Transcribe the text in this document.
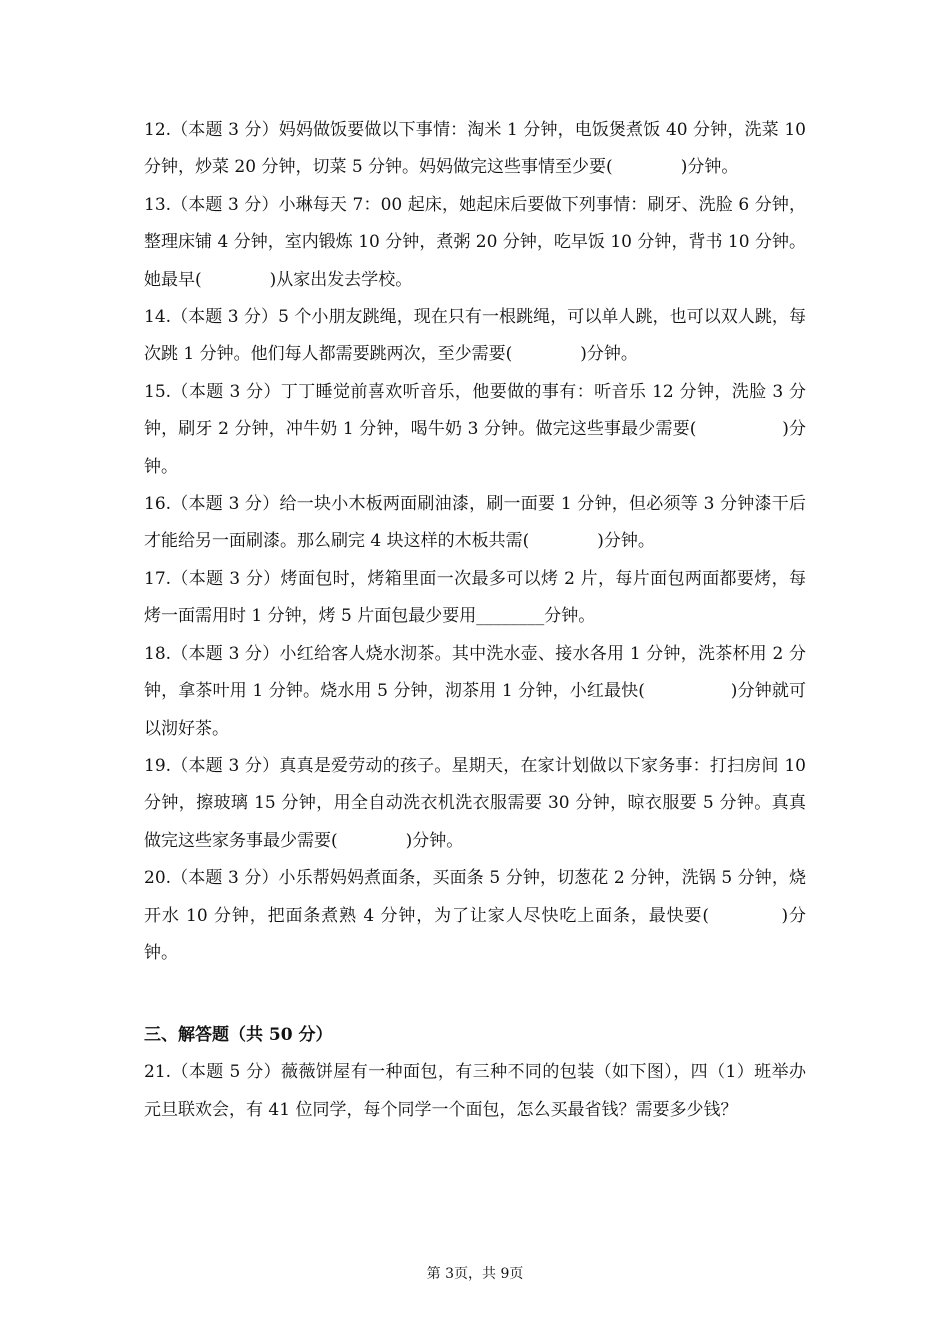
12.（本题 3 分）妈妈做饭要做以下事情：淘米 1 分钟，电饭煲煮饭 40 分钟，洗菜 10 分钟，炒菜 20 分钟，切菜 5 分钟。妈妈做完这些事情至少要(　　　　)分钟。

13.（本题 3 分）小琳每天 7：00 起床，她起床后要做下列事情：刷牙、洗脸 6 分钟，整理床铺 4 分钟，室内锻炼 10 分钟，煮粥 20 分钟，吃早饭 10 分钟，背书 10 分钟。她最早(　　　　)从家出发去学校。

14.（本题 3 分）5 个小朋友跳绳，现在只有一根跳绳，可以单人跳，也可以双人跳，每次跳 1 分钟。他们每人都需要跳两次，至少需要(　　　　)分钟。

15.（本题 3 分）丁丁睡觉前喜欢听音乐，他要做的事有：听音乐 12 分钟，洗脸 3 分钟，刷牙 2 分钟，冲牛奶 1 分钟，喝牛奶 3 分钟。做完这些事最少需要(　　　　　)分钟。

16.（本题 3 分）给一块小木板两面刷油漆，刷一面要 1 分钟，但必须等 3 分钟漆干后才能给另一面刷漆。那么刷完 4 块这样的木板共需(　　　　)分钟。

17.（本题 3 分）烤面包时，烤箱里面一次最多可以烤 2 片，每片面包两面都要烤，每烤一面需用时 1 分钟，烤 5 片面包最少要用________分钟。

18.（本题 3 分）小红给客人烧水沏茶。其中洗水壶、接水各用 1 分钟，洗茶杯用 2 分钟，拿茶叶用 1 分钟。烧水用 5 分钟，沏茶用 1 分钟，小红最快(　　　　　)分钟就可以沏好茶。

19.（本题 3 分）真真是爱劳动的孩子。星期天，在家计划做以下家务事：打扫房间 10 分钟，擦玻璃 15 分钟，用全自动洗衣机洗衣服需要 30 分钟，晾衣服要 5 分钟。真真做完这些家务事最少需要(　　　　)分钟。

20.（本题 3 分）小乐帮妈妈煮面条，买面条 5 分钟，切葱花 2 分钟，洗锅 5 分钟，烧开水 10 分钟，把面条煮熟 4 分钟，为了让家人尽快吃上面条，最快要(　　　　)分钟。

三、解答题（共 50 分）

21.（本题 5 分）薇薇饼屋有一种面包，有三种不同的包装（如下图），四（1）班举办元旦联欢会，有 41 位同学，每个同学一个面包，怎么买最省钱？需要多少钱？

第 3页，共 9页
